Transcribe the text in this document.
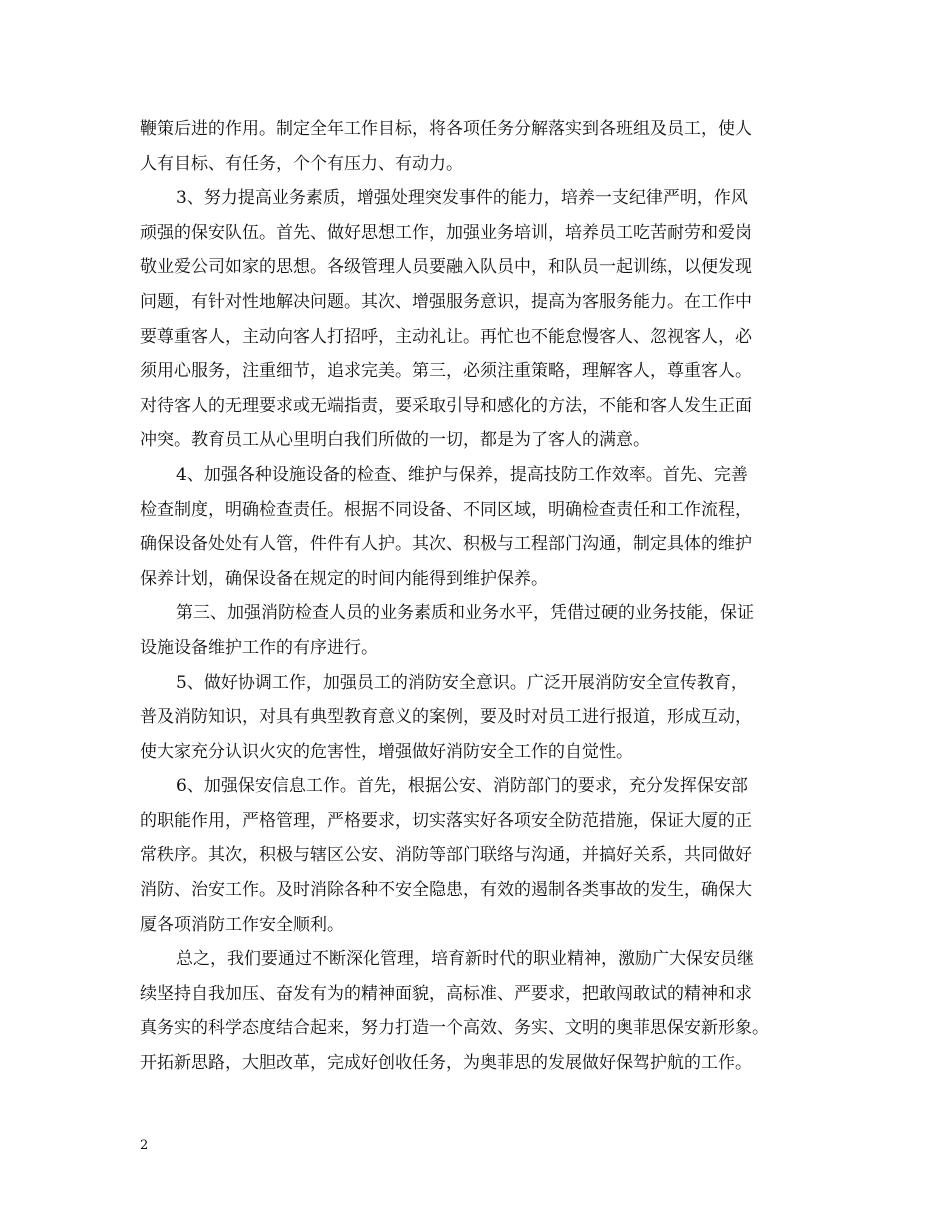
鞭策后进的作用。制定全年工作目标，将各项任务分解落实到各班组及员工，使人
人有目标、有任务，个个有压力、有动力。
3、努力提高业务素质，增强处理突发事件的能力，培养一支纪律严明，作风
顽强的保安队伍。首先、做好思想工作，加强业务培训，培养员工吃苦耐劳和爱岗
敬业爱公司如家的思想。各级管理人员要融入队员中，和队员一起训练，以便发现
问题，有针对性地解决问题。其次、增强服务意识，提高为客服务能力。在工作中
要尊重客人，主动向客人打招呼，主动礼让。再忙也不能怠慢客人、忽视客人，必
须用心服务，注重细节，追求完美。第三，必须注重策略，理解客人，尊重客人。
对待客人的无理要求或无端指责，要采取引导和感化的方法，不能和客人发生正面
冲突。教育员工从心里明白我们所做的一切，都是为了客人的满意。
4、加强各种设施设备的检查、维护与保养，提高技防工作效率。首先、完善
检查制度，明确检查责任。根据不同设备、不同区域，明确检查责任和工作流程，
确保设备处处有人管，件件有人护。其次、积极与工程部门沟通，制定具体的维护
保养计划，确保设备在规定的时间内能得到维护保养。
第三、加强消防检查人员的业务素质和业务水平，凭借过硬的业务技能，保证
设施设备维护工作的有序进行。
5、做好协调工作，加强员工的消防安全意识。广泛开展消防安全宣传教育，
普及消防知识，对具有典型教育意义的案例，要及时对员工进行报道，形成互动，
使大家充分认识火灾的危害性，增强做好消防安全工作的自觉性。
6、加强保安信息工作。首先，根据公安、消防部门的要求，充分发挥保安部
的职能作用，严格管理，严格要求，切实落实好各项安全防范措施，保证大厦的正
常秩序。其次，积极与辖区公安、消防等部门联络与沟通，并搞好关系，共同做好
消防、治安工作。及时消除各种不安全隐患，有效的遏制各类事故的发生，确保大
厦各项消防工作安全顺利。
总之，我们要通过不断深化管理，培育新时代的职业精神，激励广大保安员继
续坚持自我加压、奋发有为的精神面貌，高标准、严要求，把敢闯敢试的精神和求
真务实的科学态度结合起来，努力打造一个高效、务实、文明的奥菲思保安新形象。
开拓新思路，大胆改革，完成好创收任务，为奥菲思的发展做好保驾护航的工作。
2
